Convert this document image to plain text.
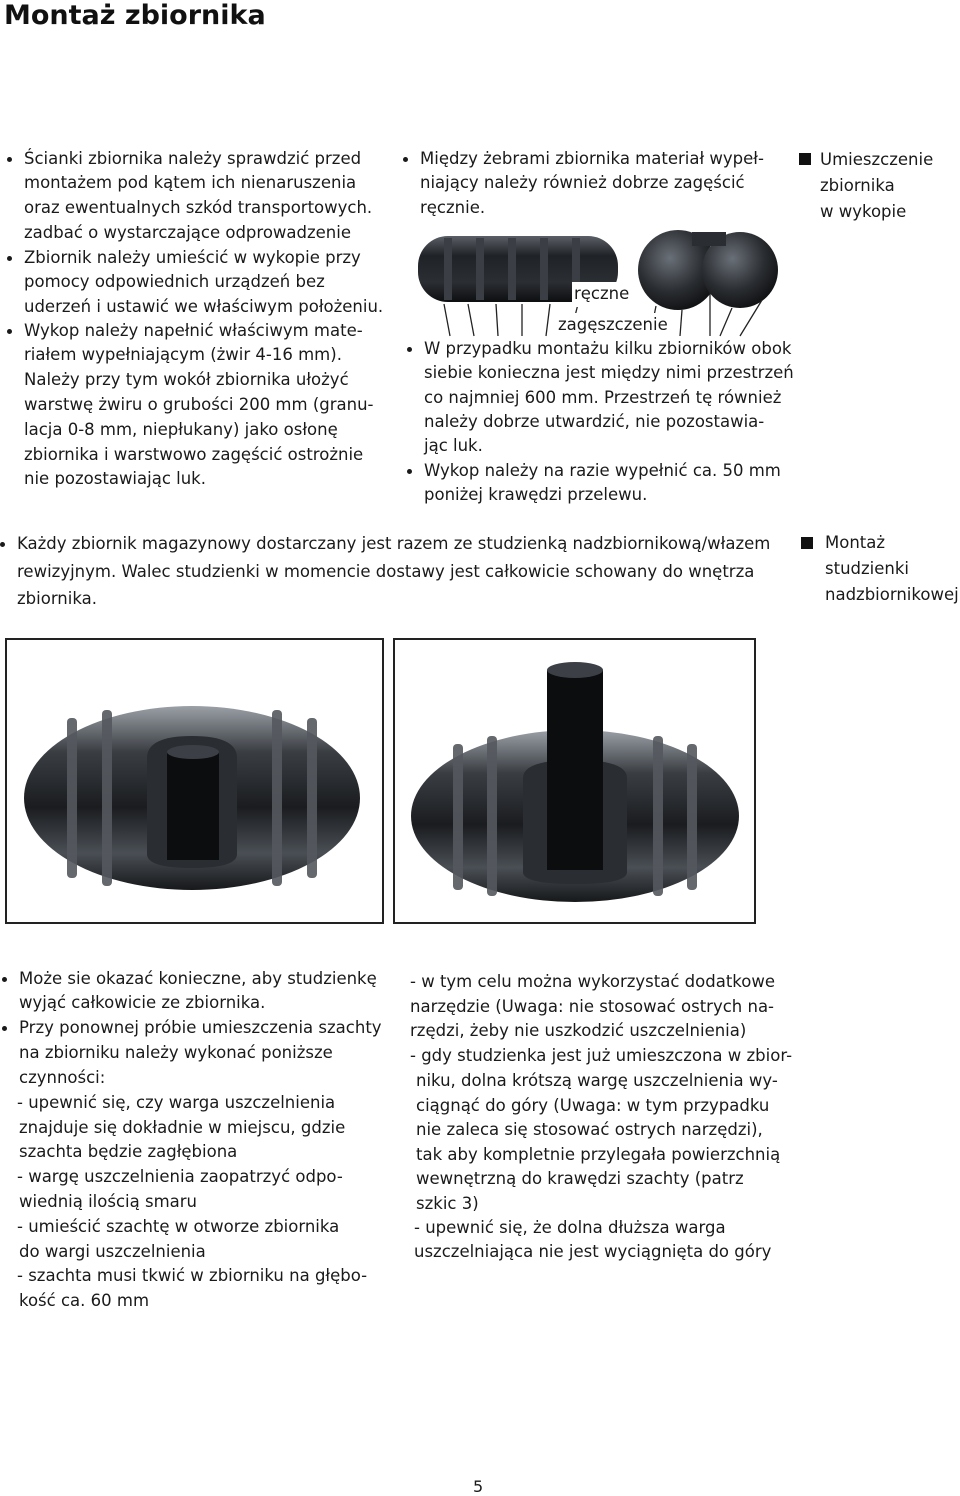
Montaż zbiornika
Ścianki zbiornika należy sprawdzić przed
montażem pod kątem ich nienaruszenia
oraz ewentualnych szkód transportowych.
zadbać o wystarczające odprowadzenie
Zbiornik należy umieścić w wykopie przy
pomocy odpowiednich urządzeń bez
uderzeń i ustawić we właściwym położeniu.
Wykop należy napełnić właściwym mate-
riałem wypełniającym (żwir 4-16 mm).
Należy przy tym wokół zbiornika ułożyć
warstwę żwiru o grubości 200 mm (granu-
lacja 0-8 mm, niepłukany) jako osłonę
zbiornika i warstwowo zagęścić ostrożnie
nie pozostawiając luk.
Między żebrami zbiornika materiał wypeł-
niający należy również dobrze zagęścić
ręcznie.
ręczne
zagęszczenie
W przypadku montażu kilku zbiorników obok
siebie konieczna jest między nimi przestrzeń
co najmniej 600 mm. Przestrzeń tę również
należy dobrze utwardzić, nie pozostawia-
jąc luk.
Wykop należy na razie wypełnić ca. 50 mm
poniżej krawędzi przelewu.
Umieszczenie
zbiornika
w wykopie
Każdy zbiornik magazynowy dostarczany jest razem ze studzienką nadzbiornikową/włazem
rewizyjnym. Walec studzienki w momencie dostawy jest całkowicie schowany do wnętrza
zbiornika.
Montaż
studzienki
nadzbiornikowej
Może sie okazać konieczne, aby studzienkę
wyjąć całkowicie ze zbiornika.
Przy ponownej próbie umieszczenia szachty
na zbiorniku należy wykonać poniższe
czynności:
- upewnić się, czy warga uszczelnienia
znajduje się dokładnie w miejscu, gdzie
szachta będzie zagłębiona
- wargę uszczelnienia zaopatrzyć odpo-
wiednią ilością smaru
- umieścić szachtę w otworze zbiornika
do wargi uszczelnienia
- szachta musi tkwić w zbiorniku na głębo-
kość ca. 60 mm
- w tym celu można wykorzystać dodatkowe
narzędzie (Uwaga: nie stosować ostrych na-
rzędzi, żeby nie uszkodzić uszczelnienia)
- gdy studzienka jest już umieszczona w zbior-
niku, dolna krótszą wargę uszczelnienia wy-
ciągnąć do góry (Uwaga: w tym przypadku
nie zaleca się stosować ostrych narzędzi),
tak aby kompletnie przylegała powierzchnią
wewnętrzną do krawędzi szachty (patrz
szkic 3)
- upewnić się, że dolna dłuższa warga
uszczelniająca nie jest wyciągnięta do góry
5
